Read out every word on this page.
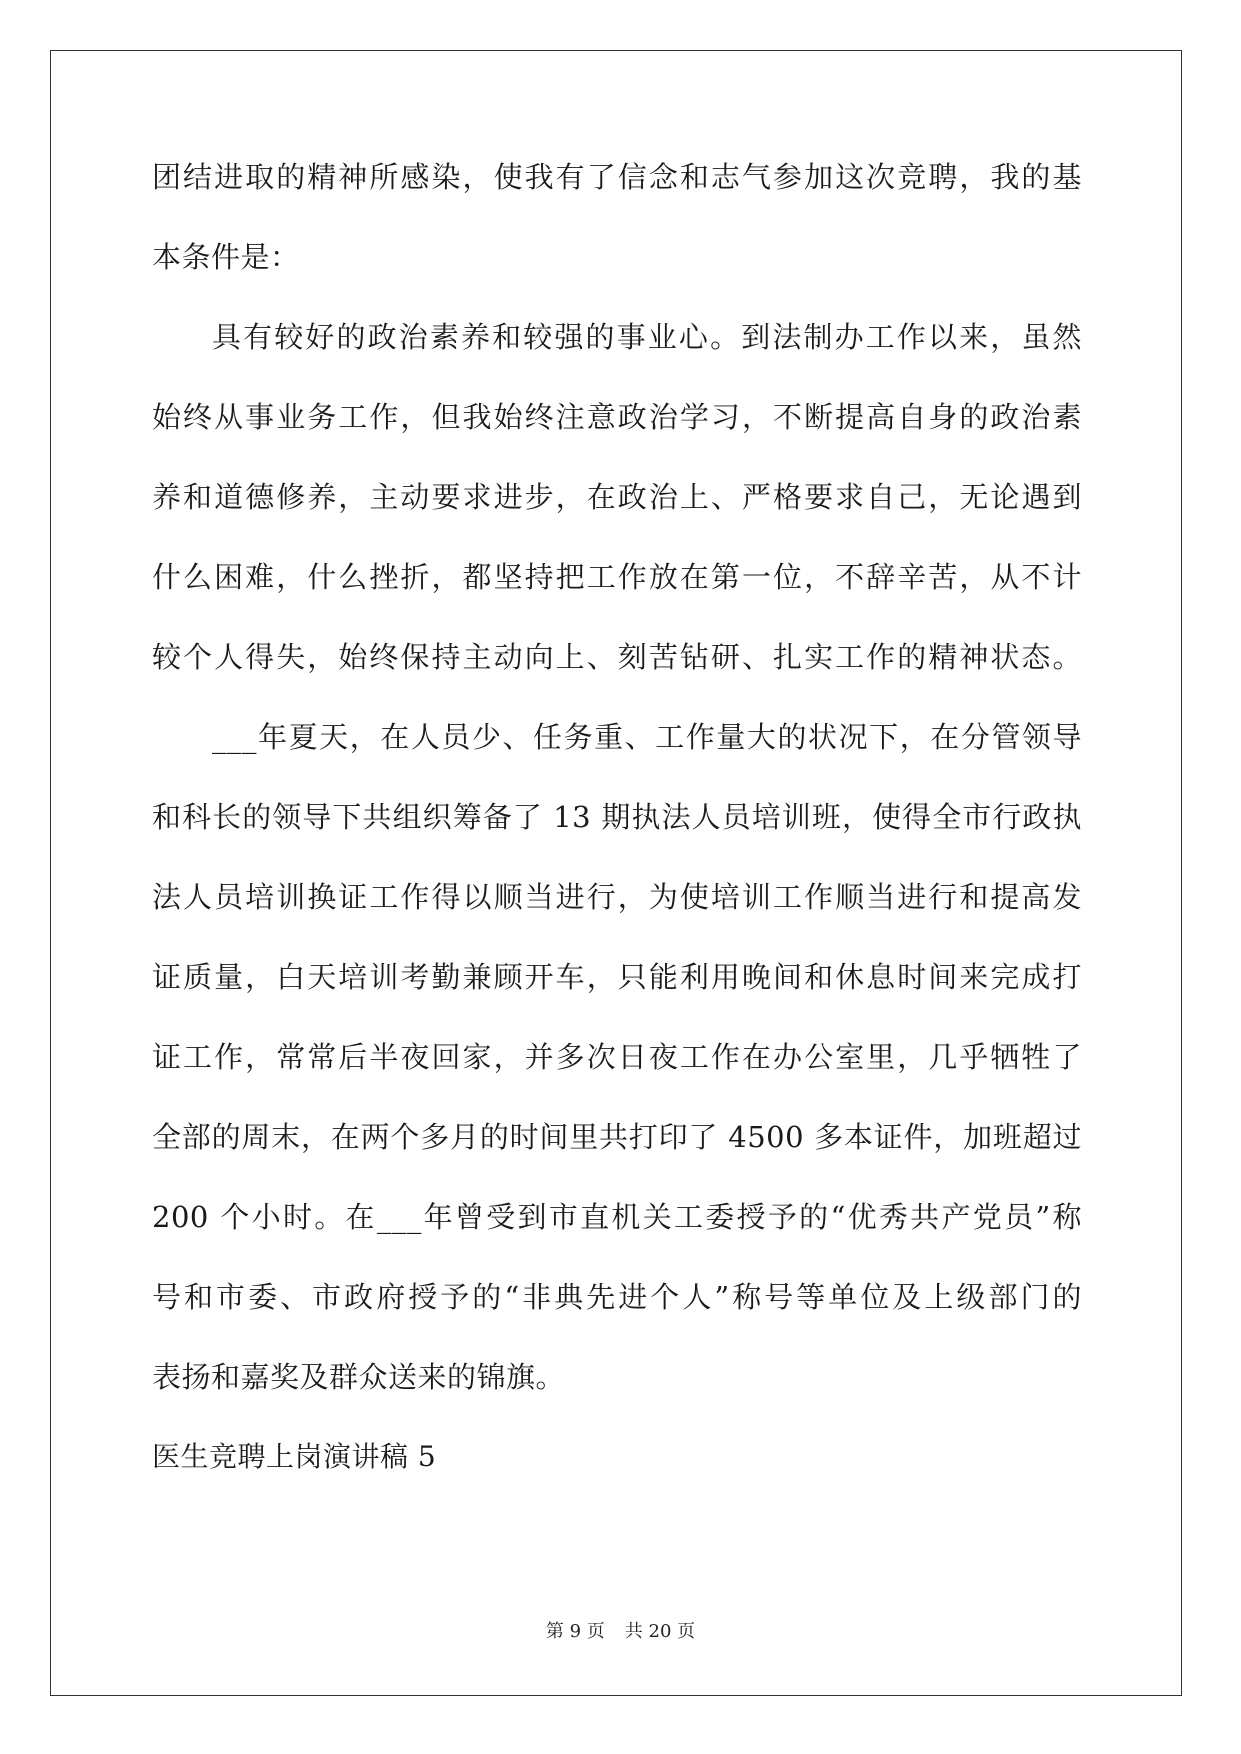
团结进取的精神所感染，使我有了信念和志气参加这次竞聘，我的基
本条件是：
具有较好的政治素养和较强的事业心。到法制办工作以来，虽然
始终从事业务工作，但我始终注意政治学习，不断提高自身的政治素
养和道德修养，主动要求进步，在政治上、严格要求自己，无论遇到
什么困难，什么挫折，都坚持把工作放在第一位，不辞辛苦，从不计
较个人得失，始终保持主动向上、刻苦钻研、扎实工作的精神状态。
___年夏天，在人员少、任务重、工作量大的状况下，在分管领导
和科长的领导下共组织筹备了 13 期执法人员培训班，使得全市行政执
法人员培训换证工作得以顺当进行，为使培训工作顺当进行和提高发
证质量，白天培训考勤兼顾开车，只能利用晚间和休息时间来完成打
证工作，常常后半夜回家，并多次日夜工作在办公室里，几乎牺牲了
全部的周末，在两个多月的时间里共打印了 4500 多本证件，加班超过
200 个小时。在___年曾受到市直机关工委授予的“优秀共产党员”称
号和市委、市政府授予的“非典先进个人”称号等单位及上级部门的
表扬和嘉奖及群众送来的锦旗。
医生竞聘上岗演讲稿 5
第 9 页 共 20 页
